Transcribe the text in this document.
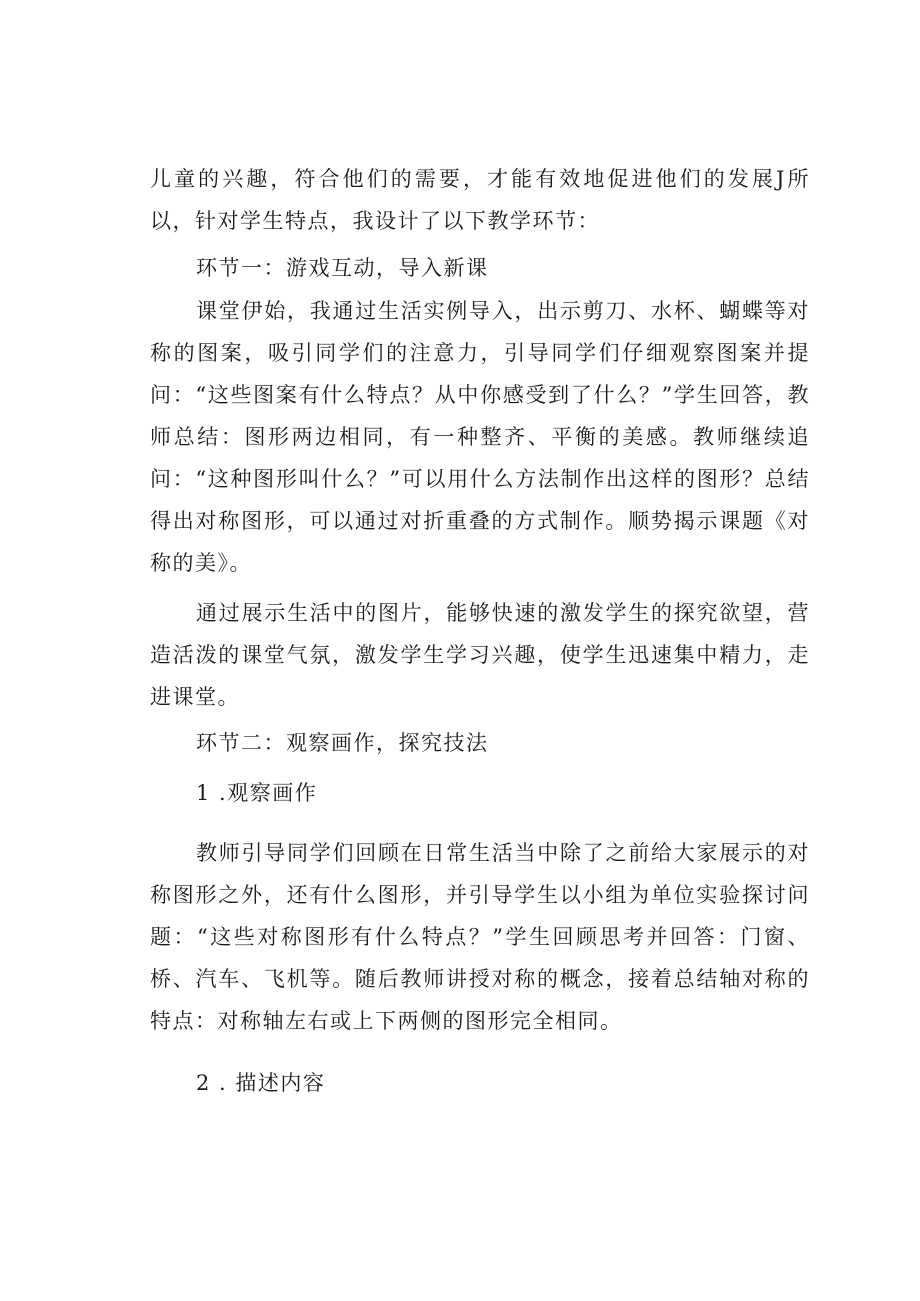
儿童的兴趣，符合他们的需要，才能有效地促进他们的发展J所以，针对学生特点，我设计了以下教学环节：

环节一：游戏互动，导入新课

课堂伊始，我通过生活实例导入，出示剪刀、水杯、蝴蝶等对称的图案，吸引同学们的注意力，引导同学们仔细观察图案并提问：“这些图案有什么特点？从中你感受到了什么？”学生回答，教师总结：图形两边相同，有一种整齐、平衡的美感。教师继续追问：“这种图形叫什么？”可以用什么方法制作出这样的图形？总结得出对称图形，可以通过对折重叠的方式制作。顺势揭示课题《对称的美》。

通过展示生活中的图片，能够快速的激发学生的探究欲望，营造活泼的课堂气氛，激发学生学习兴趣，使学生迅速集中精力，走进课堂。

环节二：观察画作，探究技法

1 .观察画作

教师引导同学们回顾在日常生活当中除了之前给大家展示的对称图形之外，还有什么图形，并引导学生以小组为单位实验探讨问题：“这些对称图形有什么特点？”学生回顾思考并回答：门窗、桥、汽车、飞机等。随后教师讲授对称的概念，接着总结轴对称的特点：对称轴左右或上下两侧的图形完全相同。

2 . 描述内容
